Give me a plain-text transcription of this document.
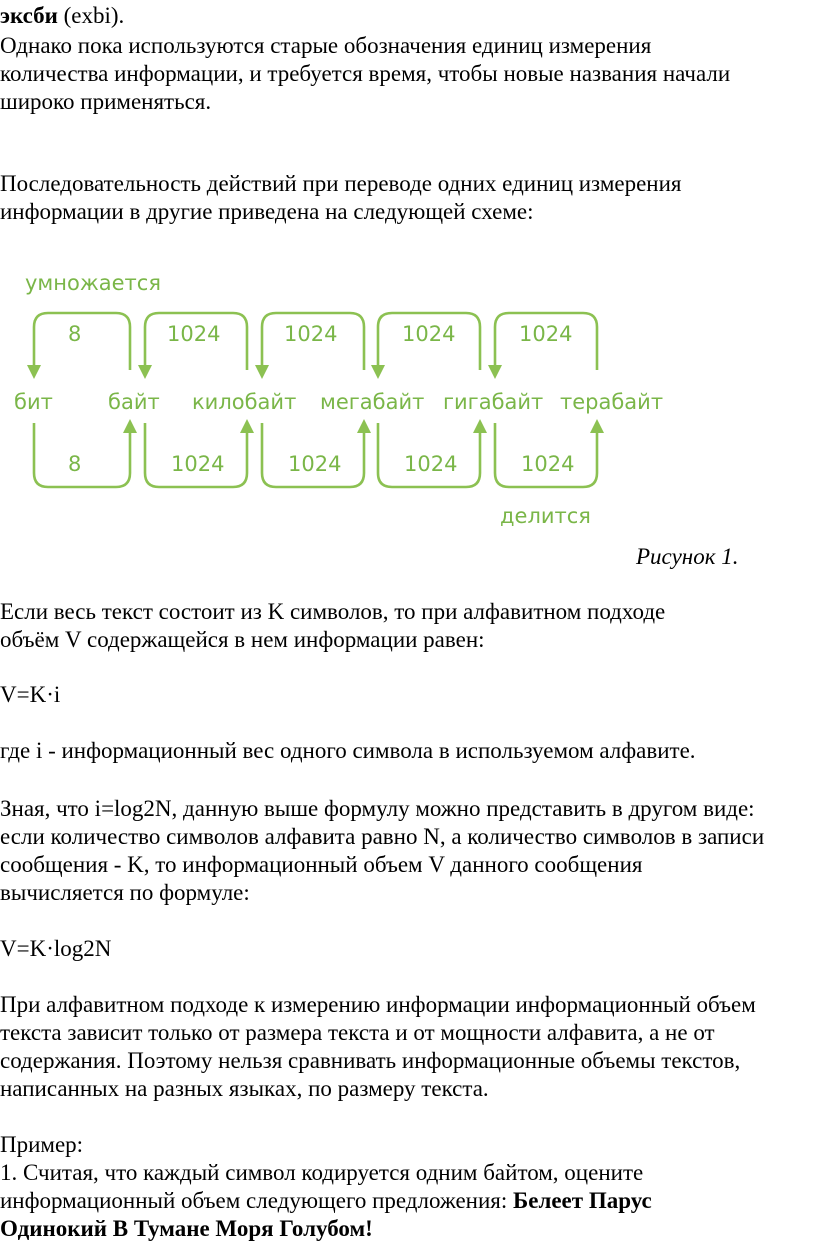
эксби (exbi).
Однако пока используются старые обозначения единиц измерения
количества информации, и требуется время, чтобы новые названия начали
широко применяться.
Последовательность действий при переводе одних единиц измерения
информации в другие приведена на следующей схеме:
умножается
делится
8	1024	1024	1024	1024
бит	байт килобайт мегабайт гигабайт терабайт
8	1024	1024	1024	1024
Рисунок 1.
Если весь текст состоит из K символов, то при алфавитном подходе
объём V содержащейся в нем информации равен:
V=K·i
где i - информационный вес одного символа в используемом алфавите.
Зная, что i=log2N, данную выше формулу можно представить в другом виде:
если количество символов алфавита равно N, а количество символов в записи
сообщения - K, то информационный объем V данного сообщения
вычисляется по формуле:
V=K·log2N
При алфавитном подходе к измерению информации информационный объем
текста зависит только от размера текста и от мощности алфавита, а не от
содержания. Поэтому нельзя сравнивать информационные объемы текстов,
написанных на разных языках, по размеру текста.
Пример:
1. Считая, что каждый символ кодируется одним байтом, оцените
информационный объем следующего предложения: Белеет Парус
Одинокий В Тумане Моря Голубом!
